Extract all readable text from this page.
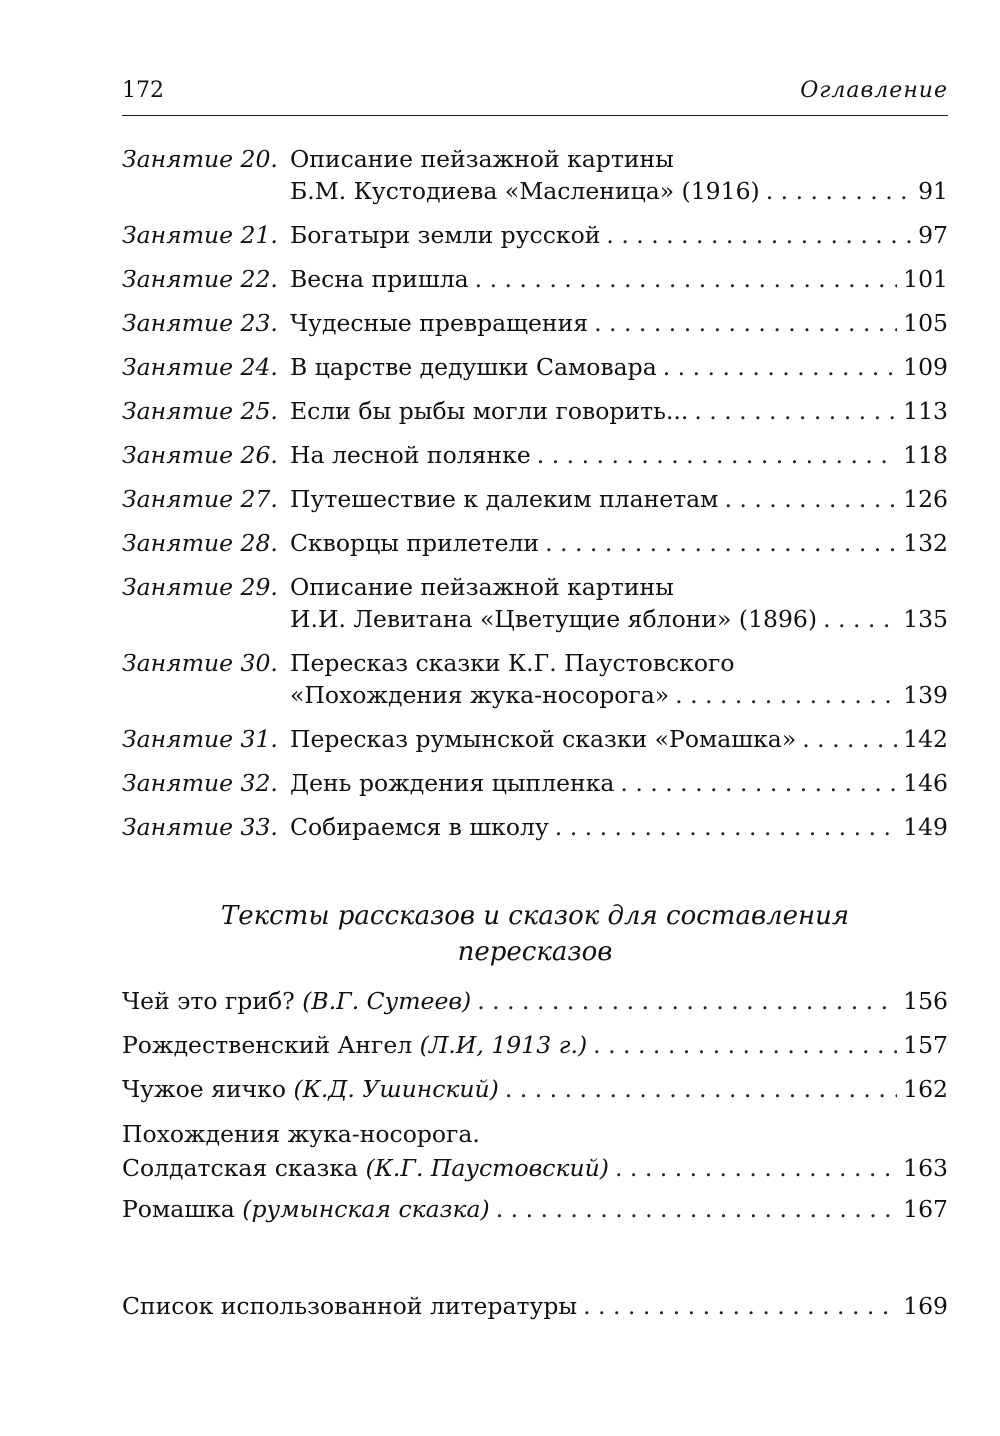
172	Оглавление
Занятие 20. Описание пейзажной картины
Б.М. Кустодиева «Масленица» (1916) . . .	91
Занятие 21. Богатыри земли русской . . .	97
Занятие 22. Весна пришла . . .	101
Занятие 23. Чудесные превращения . . .	105
Занятие 24. В царстве дедушки Самовара . . .	109
Занятие 25. Если бы рыбы могли говорить... . . .	113
Занятие 26. На лесной полянке . . .	118
Занятие 27. Путешествие к далеким планетам . . .	126
Занятие 28. Скворцы прилетели . . .	132
Занятие 29. Описание пейзажной картины
И.И. Левитана «Цветущие яблони» (1896) . . .	135
Занятие 30. Пересказ сказки К.Г. Паустовского
«Похождения жука-носорога» . . .	139
Занятие 31. Пересказ румынской сказки «Ромашка» . . .	142
Занятие 32. День рождения цыпленка . . .	146
Занятие 33. Собираемся в школу . . .	149
Тексты рассказов и сказок для составления
пересказов
Чей это гриб? (В.Г. Сутеев) . . .	156
Рождественский Ангел (Л.И, 1913 г.) . . .	157
Чужое яичко (К.Д. Ушинский) . . .	162
Похождения жука-носорога.
Солдатская сказка (К.Г. Паустовский) . . .	163
Ромашка (румынская сказка) . . .	167
Список использованной литературы . . .	169
